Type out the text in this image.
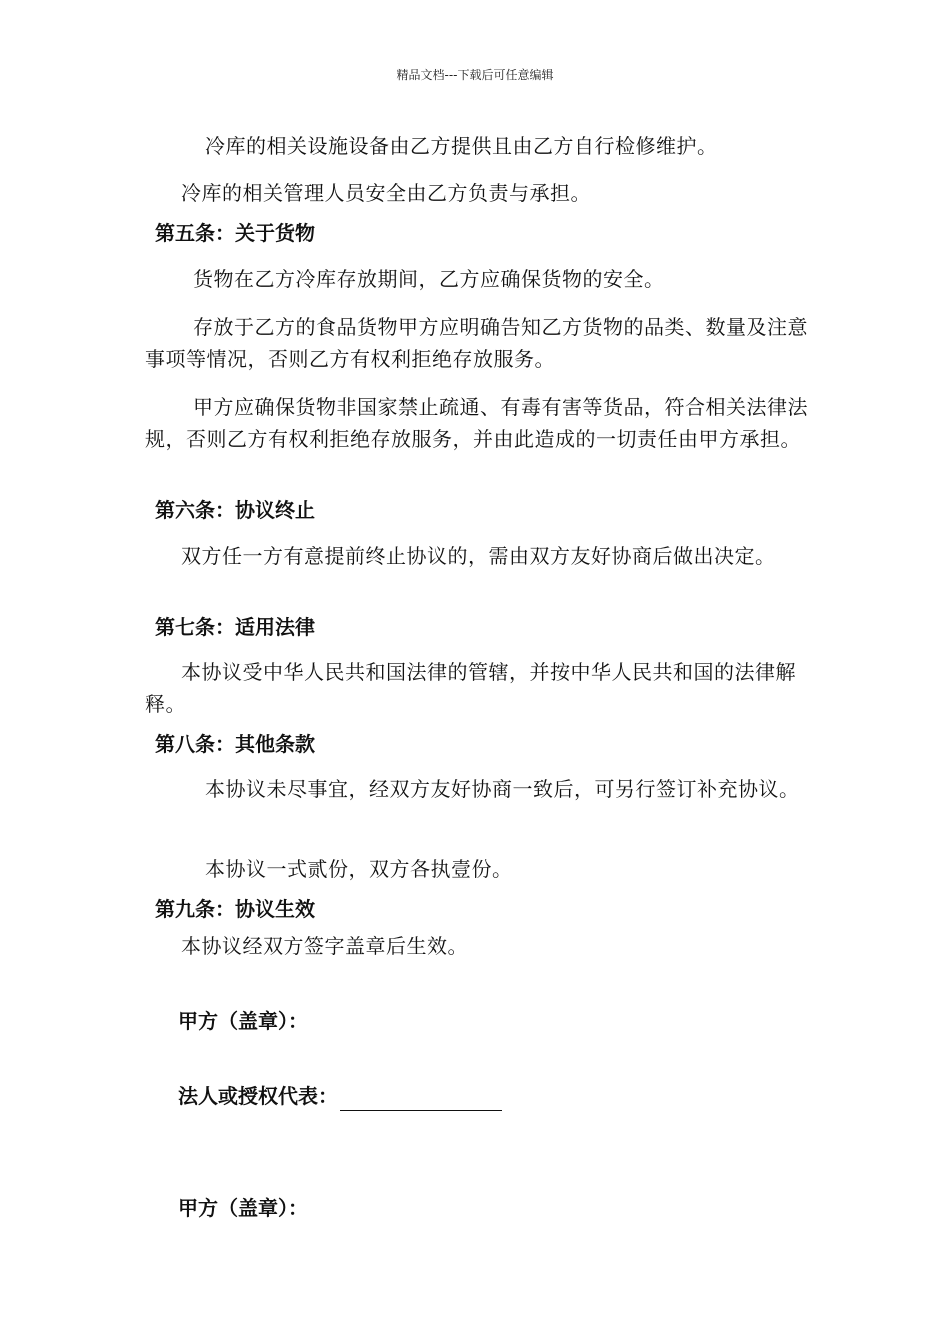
精品文档---下载后可任意编辑
冷库的相关设施设备由乙方提供且由乙方自行检修维护。
冷库的相关管理人员安全由乙方负责与承担。
第五条：关于货物
货物在乙方冷库存放期间，乙方应确保货物的安全。
存放于乙方的食品货物甲方应明确告知乙方货物的品类、数量及注意事项等情况，否则乙方有权利拒绝存放服务。
甲方应确保货物非国家禁止疏通、有毒有害等货品，符合相关法律法规，否则乙方有权利拒绝存放服务，并由此造成的一切责任由甲方承担。
第六条：协议终止
双方任一方有意提前终止协议的，需由双方友好协商后做出决定。
第七条：适用法律
本协议受中华人民共和国法律的管辖，并按中华人民共和国的法律解释。
第八条：其他条款
本协议未尽事宜，经双方友好协商一致后，可另行签订补充协议。
本协议一式贰份，双方各执壹份。
第九条：协议生效
本协议经双方签字盖章后生效。
甲方（盖章）：
法人或授权代表：
甲方（盖章）：
